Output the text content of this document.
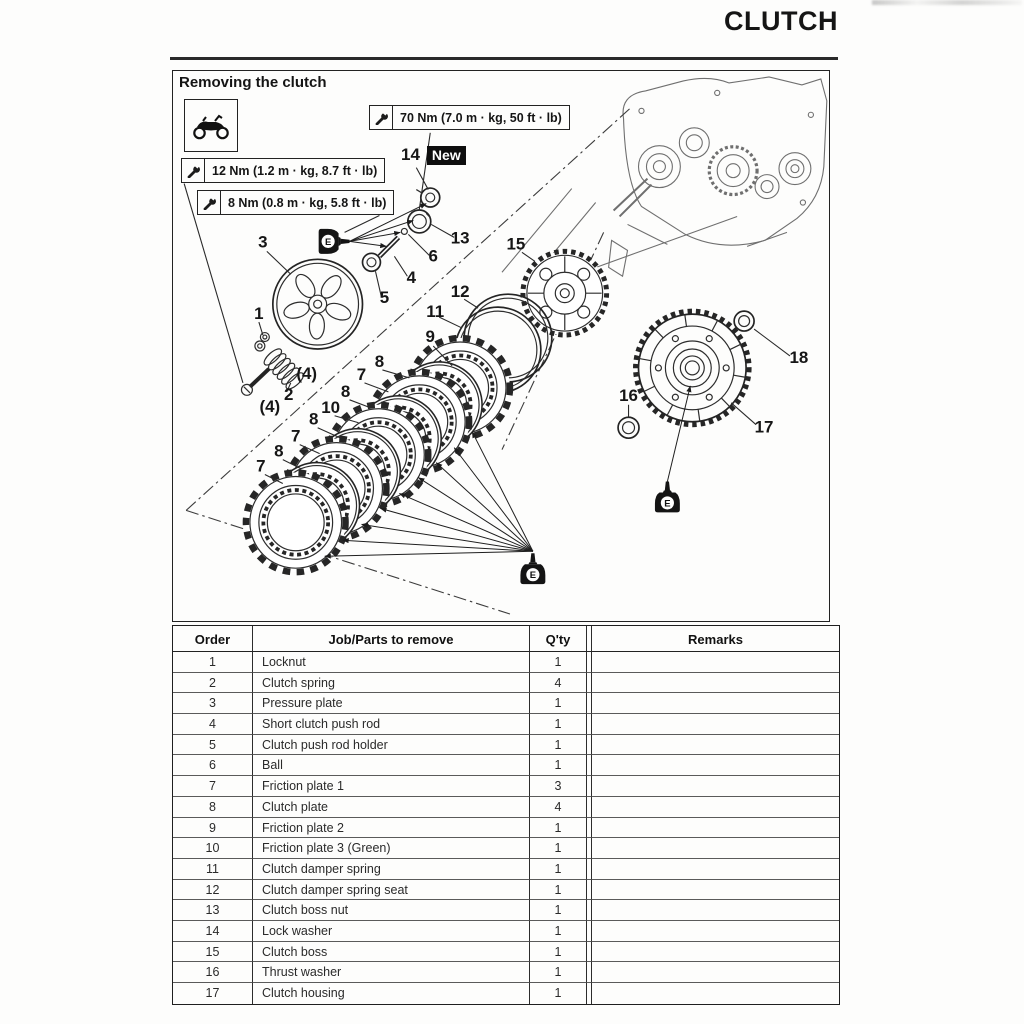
CLUTCH
E
E
E
3
1
2
(4)
(4)
13
6
4
5
15
12
11
9
8
7
8
10
8
7
8
7
16
17
18
Removing the clutch
70 Nm (7.0 m · kg, 50 ft · lb)
12 Nm (1.2 m · kg, 8.7 ft · lb)
8 Nm (0.8 m · kg, 5.8 ft · lb)
14 New
Order	Job/Parts to remove	Q'ty	Remarks
1	Locknut	1
2	Clutch spring	4
3	Pressure plate	1
4	Short clutch push rod	1
5	Clutch push rod holder	1
6	Ball	1
7	Friction plate 1	3
8	Clutch plate	4
9	Friction plate 2	1
10	Friction plate 3 (Green)	1
11	Clutch damper spring	1
12	Clutch damper spring seat	1
13	Clutch boss nut	1
14	Lock washer	1
15	Clutch boss	1
16	Thrust washer	1
17	Clutch housing	1
